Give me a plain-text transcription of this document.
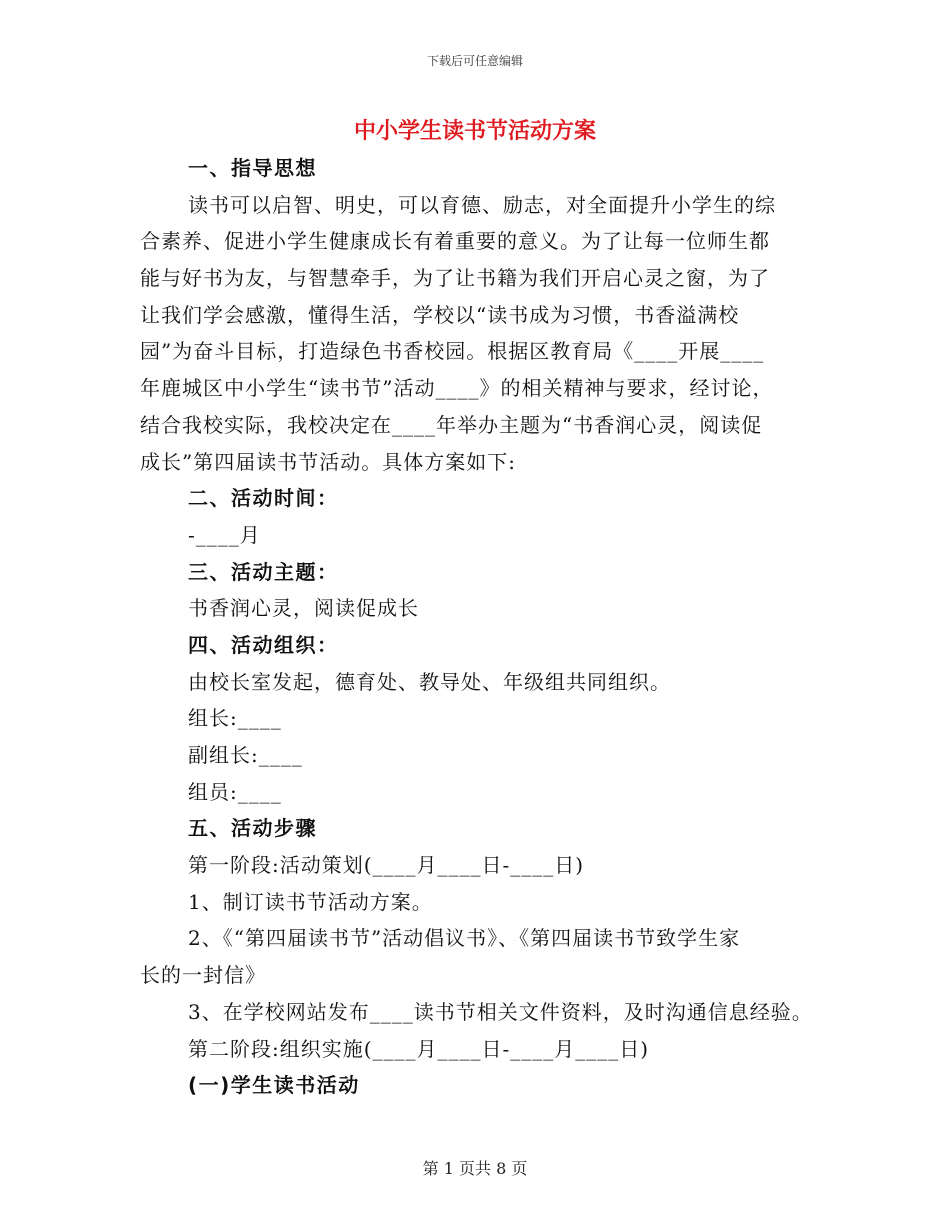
下载后可任意编辑
中小学生读书节活动方案
一、指导思想
读书可以启智、明史，可以育德、励志，对全面提升小学生的综
合素养、促进小学生健康成长有着重要的意义。为了让每一位师生都
能与好书为友，与智慧牵手，为了让书籍为我们开启心灵之窗，为了
让我们学会感激，懂得生活，学校以“读书成为习惯，书香溢满校
园”为奋斗目标，打造绿色书香校园。根据区教育局《____开展____
年鹿城区中小学生“读书节”活动____》的相关精神与要求，经讨论，
结合我校实际，我校决定在____年举办主题为“书香润心灵，阅读促
成长”第四届读书节活动。具体方案如下:
二、活动时间：
-____月
三、活动主题：
书香润心灵，阅读促成长
四、活动组织：
由校长室发起，德育处、教导处、年级组共同组织。
组长:____
副组长:____
组员:____
五、活动步骤
第一阶段:活动策划(____月____日-____日)
1、制订读书节活动方案。
2、《“第四届读书节”活动倡议书》、《第四届读书节致学生家
长的一封信》
3、在学校网站发布____读书节相关文件资料，及时沟通信息经验。
第二阶段:组织实施(____月____日-____月____日)
(一)学生读书活动
第 1 页共 8 页
